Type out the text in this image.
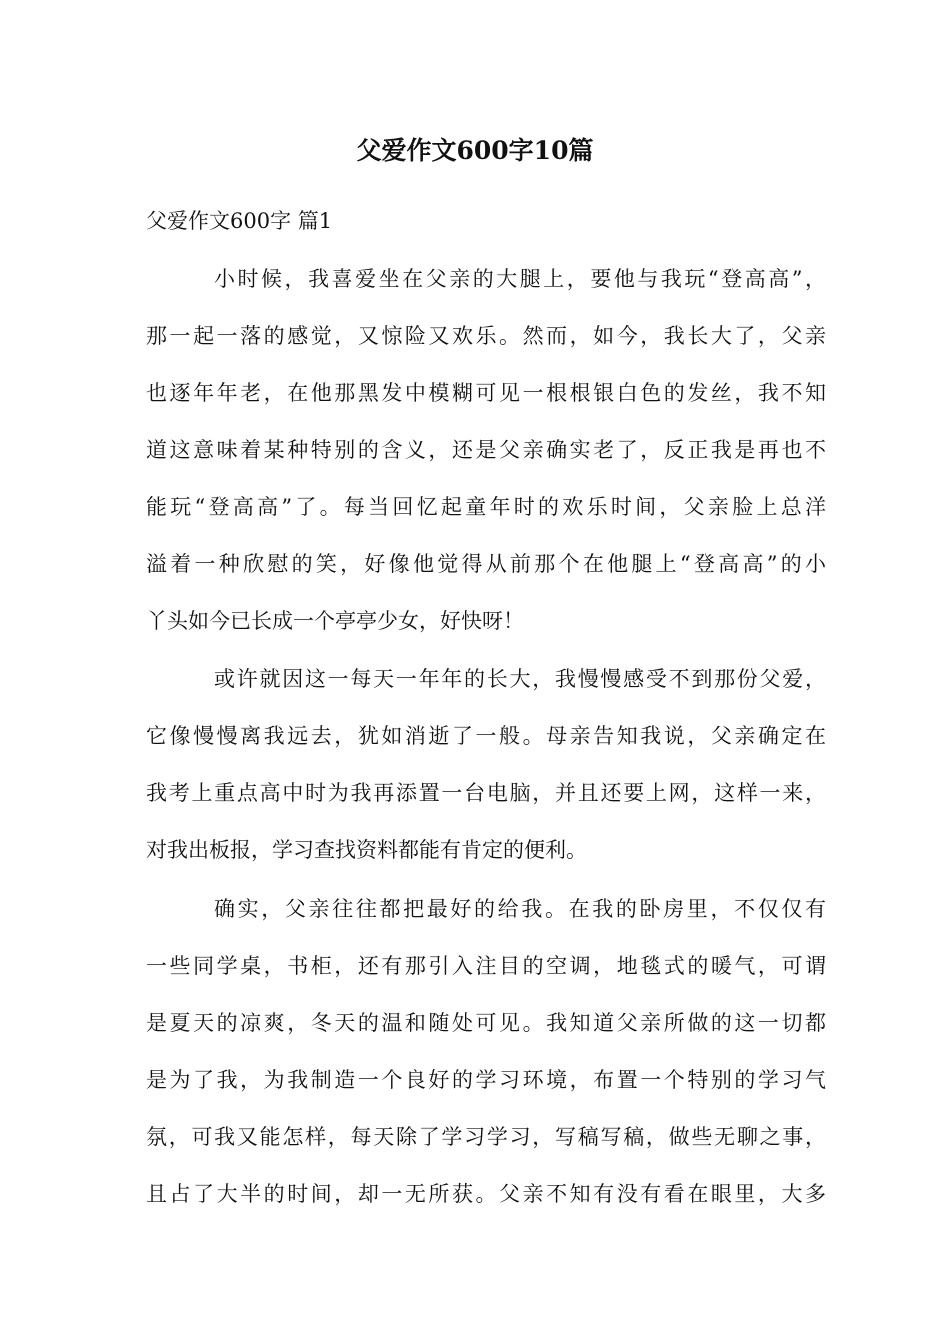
父爱作文600字10篇

父爱作文600字 篇1

小时候，我喜爱坐在父亲的大腿上，要他与我玩“登高高”，

那一起一落的感觉，又惊险又欢乐。然而，如今，我长大了，父亲

也逐年年老，在他那黑发中模糊可见一根根银白色的发丝，我不知

道这意味着某种特别的含义，还是父亲确实老了，反正我是再也不

能玩“登高高”了。每当回忆起童年时的欢乐时间，父亲脸上总洋

溢着一种欣慰的笑，好像他觉得从前那个在他腿上“登高高”的小

丫头如今已长成一个亭亭少女，好快呀！

或许就因这一每天一年年的长大，我慢慢感受不到那份父爱，

它像慢慢离我远去，犹如消逝了一般。母亲告知我说，父亲确定在

我考上重点高中时为我再添置一台电脑，并且还要上网，这样一来，

对我出板报，学习查找资料都能有肯定的便利。

确实，父亲往往都把最好的给我。在我的卧房里，不仅仅有

一些同学桌，书柜，还有那引入注目的空调，地毯式的暖气，可谓

是夏天的凉爽，冬天的温和随处可见。我知道父亲所做的这一切都

是为了我，为我制造一个良好的学习环境，布置一个特别的学习气

氛，可我又能怎样，每天除了学习学习，写稿写稿，做些无聊之事，

且占了大半的时间，却一无所获。父亲不知有没有看在眼里，大多
